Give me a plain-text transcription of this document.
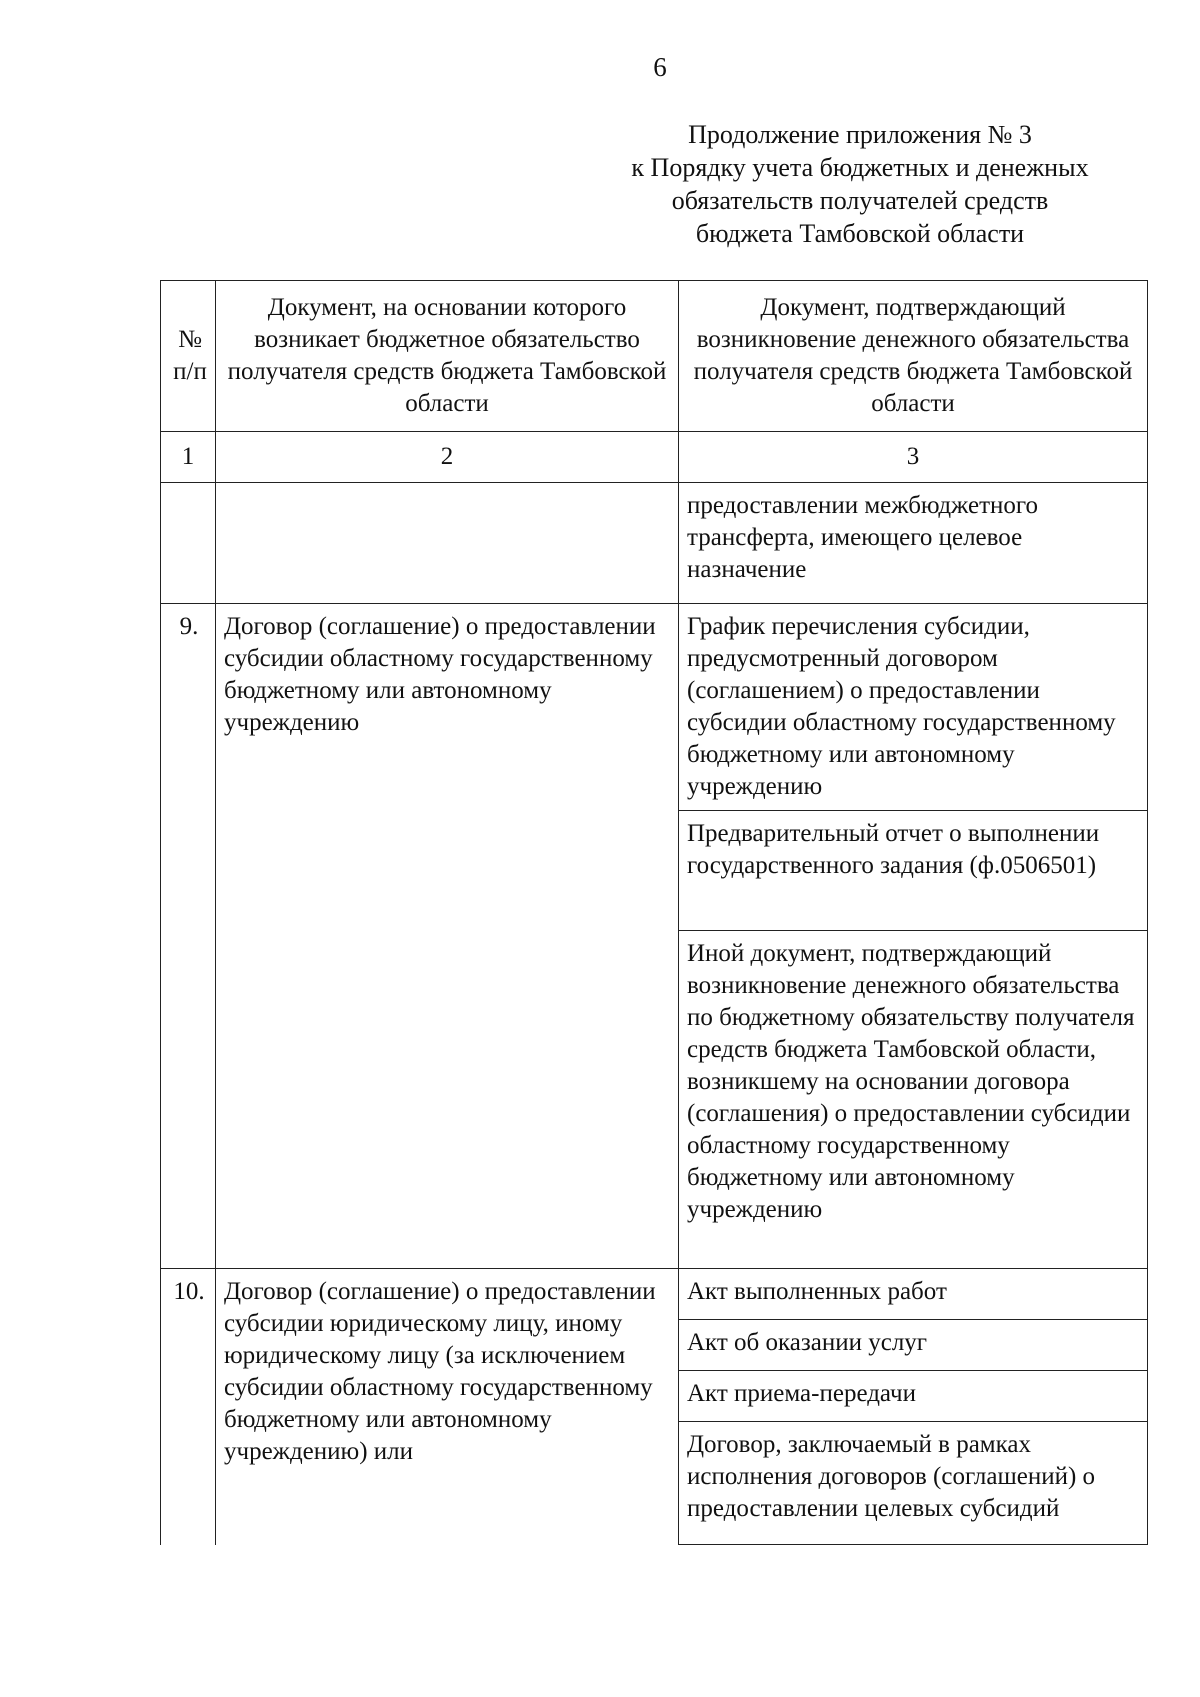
6
Продолжение приложения № 3
к Порядку учета бюджетных и денежных
обязательств получателей средств
бюджета Тамбовской области
№ п/п	Документ, на основании которого возникает бюджетное обязательство получателя средств бюджета Тамбовской области	Документ, подтверждающий возникновение денежного обязательства получателя средств бюджета Тамбовской области
1	2	3

		предоставлении межбюджетного трансферта, имеющего целевое назначение

9.	Договор (соглашение) о предоставлении субсидии областному государственному бюджетному или автономному учреждению	График перечисления субсидии, предусмотренный договором (соглашением) о предоставлении субсидии областному государственному бюджетному или автономному учреждению

		Предварительный отчет о выполнении государственного задания (ф.0506501)

		Иной документ, подтверждающий возникновение денежного обязательства по бюджетному обязательству получателя средств бюджета Тамбовской области, возникшему на основании договора (соглашения) о предоставлении субсидии областному государственному бюджетному или автономному учреждению

10.	Договор (соглашение) о предоставлении субсидии юридическому лицу, иному юридическому лицу (за исключением субсидии областному государственному бюджетному или автономному учреждению) или	Акт выполненных работ

		Акт об оказании услуг

		Акт приема-передачи

		Договор, заключаемый в рамках исполнения договоров (соглашений) о предоставлении целевых субсидий
